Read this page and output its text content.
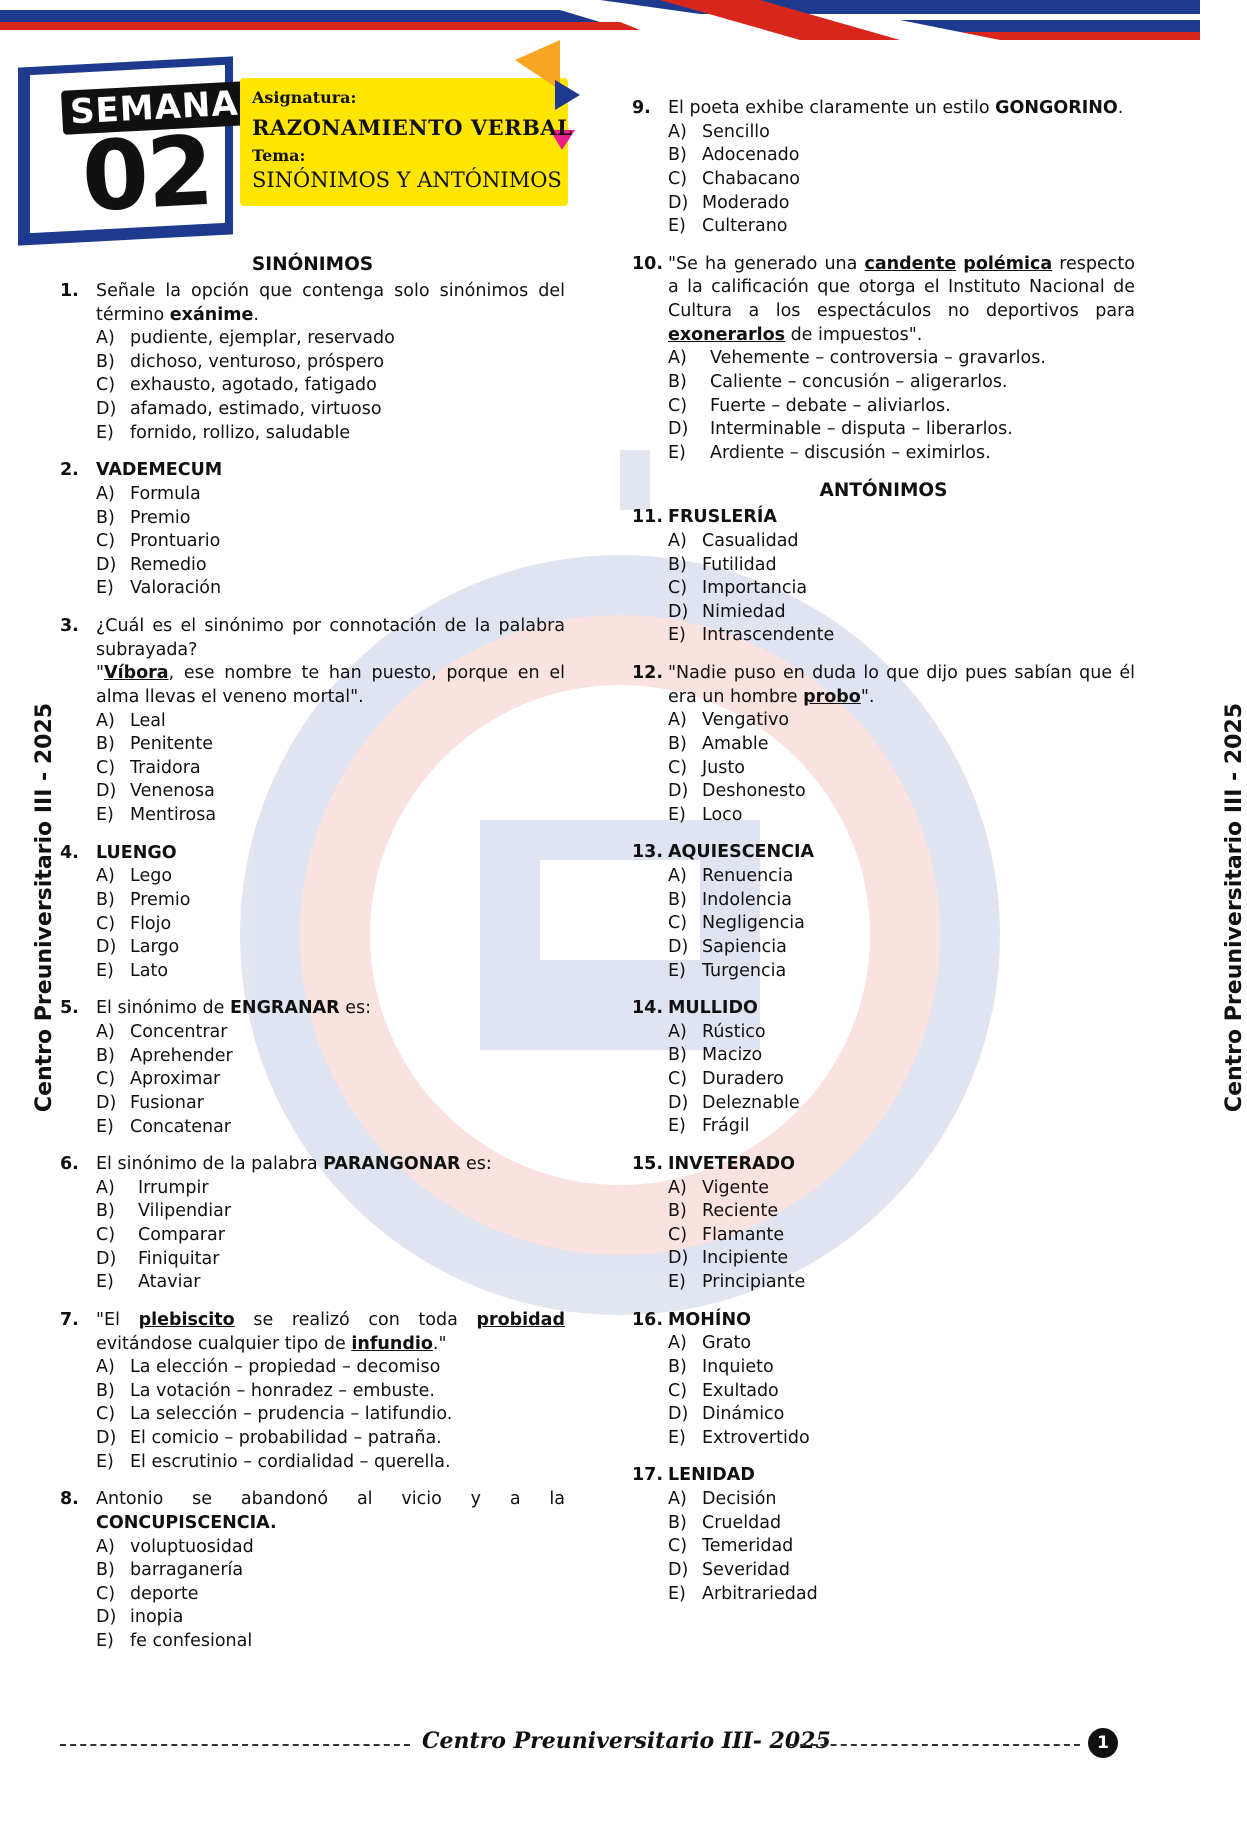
SEMANA
02
Asignatura:
RAZONAMIENTO VERBAL
Tema:
SINÓNIMOS Y ANTÓNIMOS
Centro Preuniversitario III - 2025	Centro Preuniversitario III - 2025
SINÓNIMOS
1. Señale la opción que contenga solo sinónimos del término exánime.
A) pudiente, ejemplar, reservado
B) dichoso, venturoso, próspero
C) exhausto, agotado, fatigado
D) afamado, estimado, virtuoso
E) fornido, rollizo, saludable
2. VADEMECUM
A) Formula
B) Premio
C) Prontuario
D) Remedio
E) Valoración
3. ¿Cuál es el sinónimo por connotación de la palabra subrayada?
"Víbora, ese nombre te han puesto, porque en el alma llevas el veneno mortal".
A) Leal
B) Penitente
C) Traidora
D) Venenosa
E) Mentirosa
4. LUENGO
A) Lego
B) Premio
C) Flojo
D) Largo
E) Lato
5. El sinónimo de ENGRANAR es:
A) Concentrar
B) Aprehender
C) Aproximar
D) Fusionar
E) Concatenar
6. El sinónimo de la palabra PARANGONAR es:
A)	Irrumpir
B)	Vilipendiar
C)	Comparar
D)	Finiquitar
E)	Ataviar
7. "El plebiscito se realizó con toda probidad evitándose cualquier tipo de infundio."
A) La elección – propiedad – decomiso
B) La votación – honradez – embuste.
C) La selección – prudencia – latifundio.
D) El comicio – probabilidad – patraña.
E) El escrutinio – cordialidad – querella.
8. Antonio se abandonó al vicio y a la CONCUPISCENCIA.
A) voluptuosidad
B) barraganería
C) deporte
D) inopia
E) fe confesional
9. El poeta exhibe claramente un estilo GONGORINO.
A) Sencillo
B) Adocenado
C) Chabacano
D) Moderado
E) Culterano
10. "Se ha generado una candente polémica respecto a la calificación que otorga el Instituto Nacional de Cultura a los espectáculos no deportivos para exonerarlos de impuestos".
A)	Vehemente – controversia – gravarlos.
B)	Caliente – concusión – aligerarlos.
C)	Fuerte – debate – aliviarlos.
D)	Interminable – disputa – liberarlos.
E)	Ardiente – discusión – eximirlos.
ANTÓNIMOS
11. FRUSLERÍA
A) Casualidad
B) Futilidad
C) Importancia
D) Nimiedad
E) Intrascendente
12. "Nadie puso en duda lo que dijo pues sabían que él era un hombre probo".
A) Vengativo
B) Amable
C) Justo
D) Deshonesto
E) Loco
13. AQUIESCENCIA
A) Renuencia
B) Indolencia
C) Negligencia
D) Sapiencia
E) Turgencia
14. MULLIDO
A) Rústico
B) Macizo
C) Duradero
D) Deleznable
E) Frágil
15. INVETERADO
A) Vigente
B) Reciente
C) Flamante
D) Incipiente
E) Principiante
16. MOHÍNO
A) Grato
B) Inquieto
C) Exultado
D) Dinámico
E) Extrovertido
17. LENIDAD
A) Decisión
B) Crueldad
C) Temeridad
D) Severidad
E) Arbitrariedad
Centro Preuniversitario III- 2025	1
